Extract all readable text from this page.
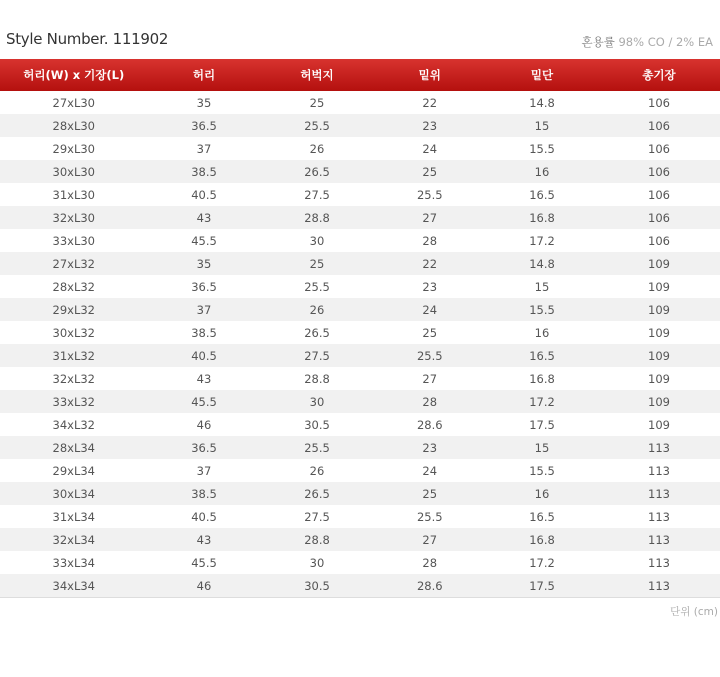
Style Number. 111902	혼용률 98% CO / 2% EA
허리(W) x 기장(L)	허리	허벅지	밑위	밑단	총기장
27xL30	35	25	22	14.8	106
28xL30	36.5	25.5	23	15	106
29xL30	37	26	24	15.5	106
30xL30	38.5	26.5	25	16	106
31xL30	40.5	27.5	25.5	16.5	106
32xL30	43	28.8	27	16.8	106
33xL30	45.5	30	28	17.2	106
27xL32	35	25	22	14.8	109
28xL32	36.5	25.5	23	15	109
29xL32	37	26	24	15.5	109
30xL32	38.5	26.5	25	16	109
31xL32	40.5	27.5	25.5	16.5	109
32xL32	43	28.8	27	16.8	109
33xL32	45.5	30	28	17.2	109
34xL32	46	30.5	28.6	17.5	109
28xL34	36.5	25.5	23	15	113
29xL34	37	26	24	15.5	113
30xL34	38.5	26.5	25	16	113
31xL34	40.5	27.5	25.5	16.5	113
32xL34	43	28.8	27	16.8	113
33xL34	45.5	30	28	17.2	113
34xL34	46	30.5	28.6	17.5	113
단위 (cm)
